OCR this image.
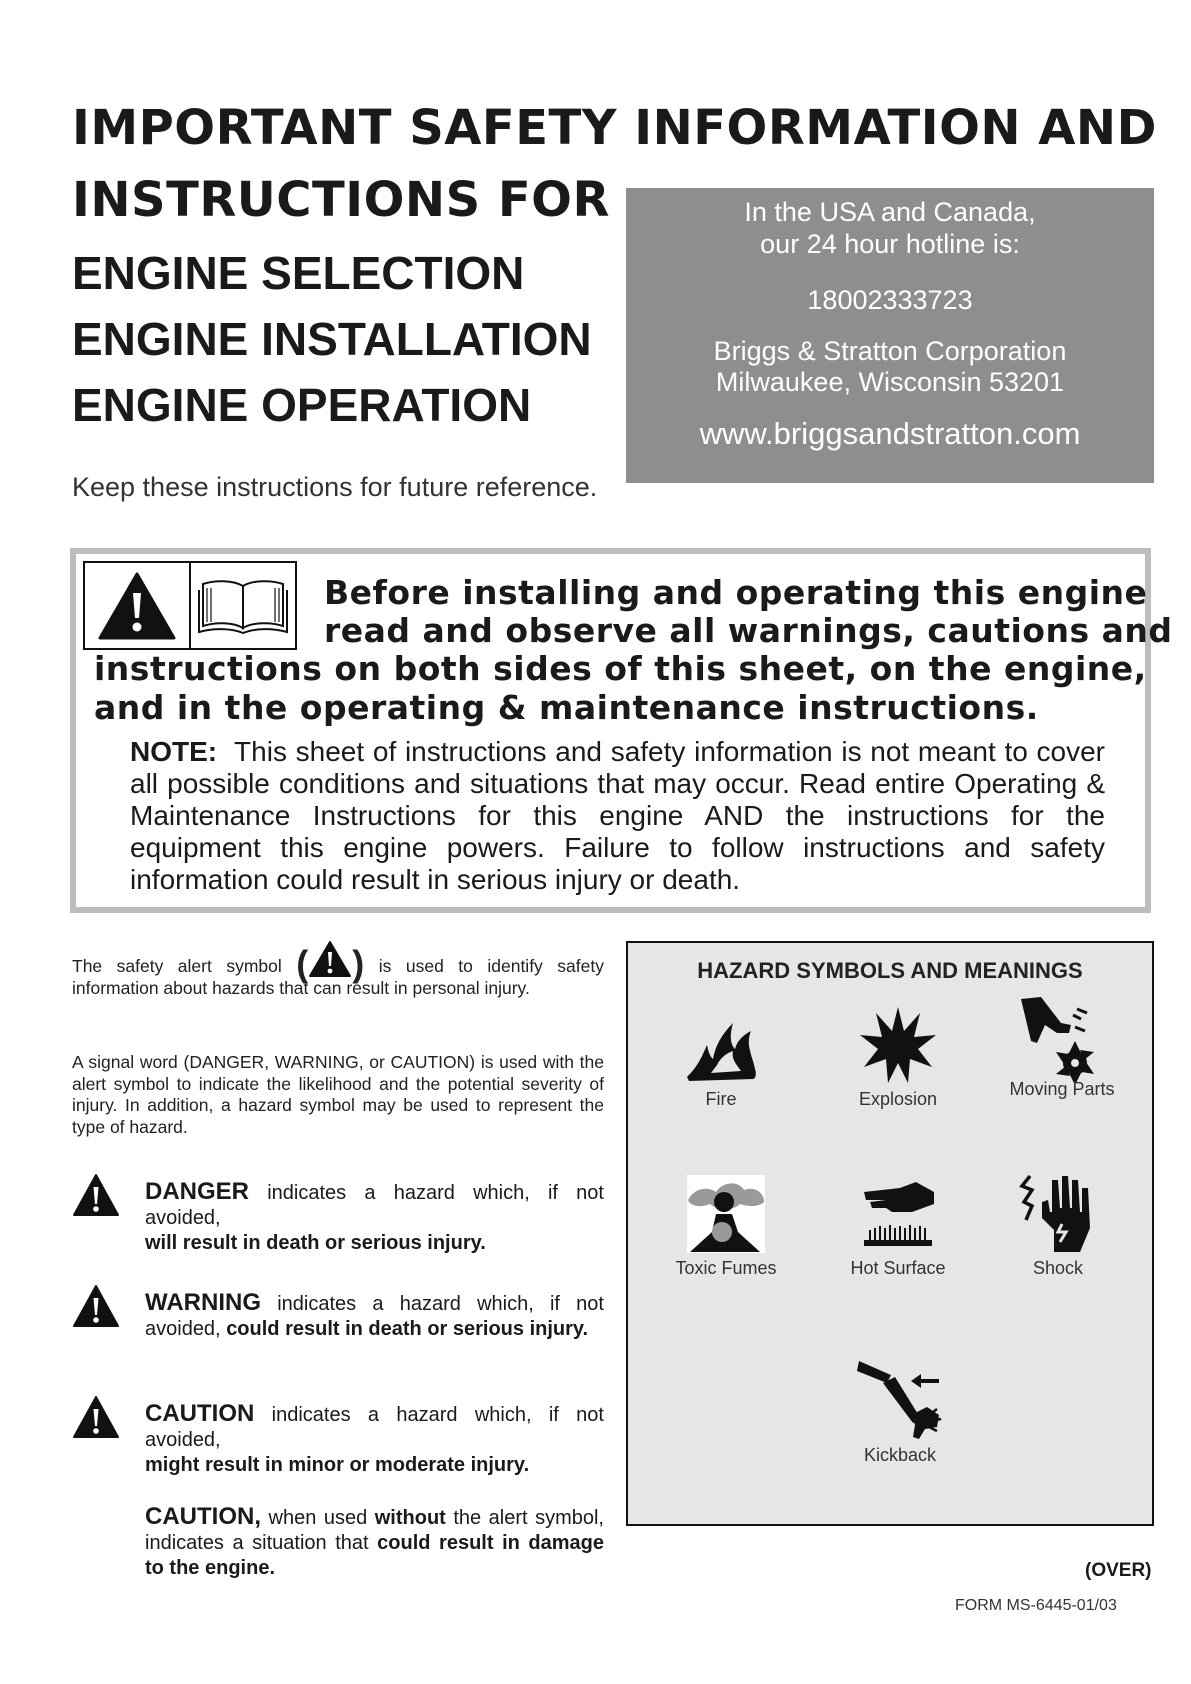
IMPORTANT SAFETY INFORMATION AND
INSTRUCTIONS FOR
ENGINE SELECTION
ENGINE INSTALLATION
ENGINE OPERATION
Keep these instructions for future reference.
In the USA and Canada,
our 24 hour hotline is:
18002333723
Briggs & Stratton Corporation
Milwaukee, Wisconsin 53201
www.briggsandstratton.com
Before installing and operating this engine
read and observe all warnings, cautions and
instructions on both sides of this sheet, on the engine,
and in the operating & maintenance instructions.
NOTE: This sheet of instructions and safety information is not meant to cover all possible conditions and situations that may occur. Read entire Operating & Maintenance Instructions for this engine AND the instructions for the equipment this engine powers. Failure to follow instructions and safety information could result in serious injury or death.
The safety alert symbol ( ) is used to identify safety information about hazards that can result in personal injury.
A signal word (DANGER, WARNING, or CAUTION) is used with the alert symbol to indicate the likelihood and the potential severity of injury. In addition, a hazard symbol may be used to represent the type of hazard.
DANGER indicates a hazard which, if not avoided,
will result in death or serious injury.
WARNING indicates a hazard which, if not avoided, could result in death or serious injury.
CAUTION indicates a hazard which, if not avoided,
might result in minor or moderate injury.
CAUTION, when used without the alert symbol, indicates a situation that could result in damage to the engine.
HAZARD SYMBOLS AND MEANINGS
Fire	Explosion	Moving Parts
Toxic Fumes	Hot Surface	Shock
Kickback
(OVER)
FORM MS-6445-01/03
